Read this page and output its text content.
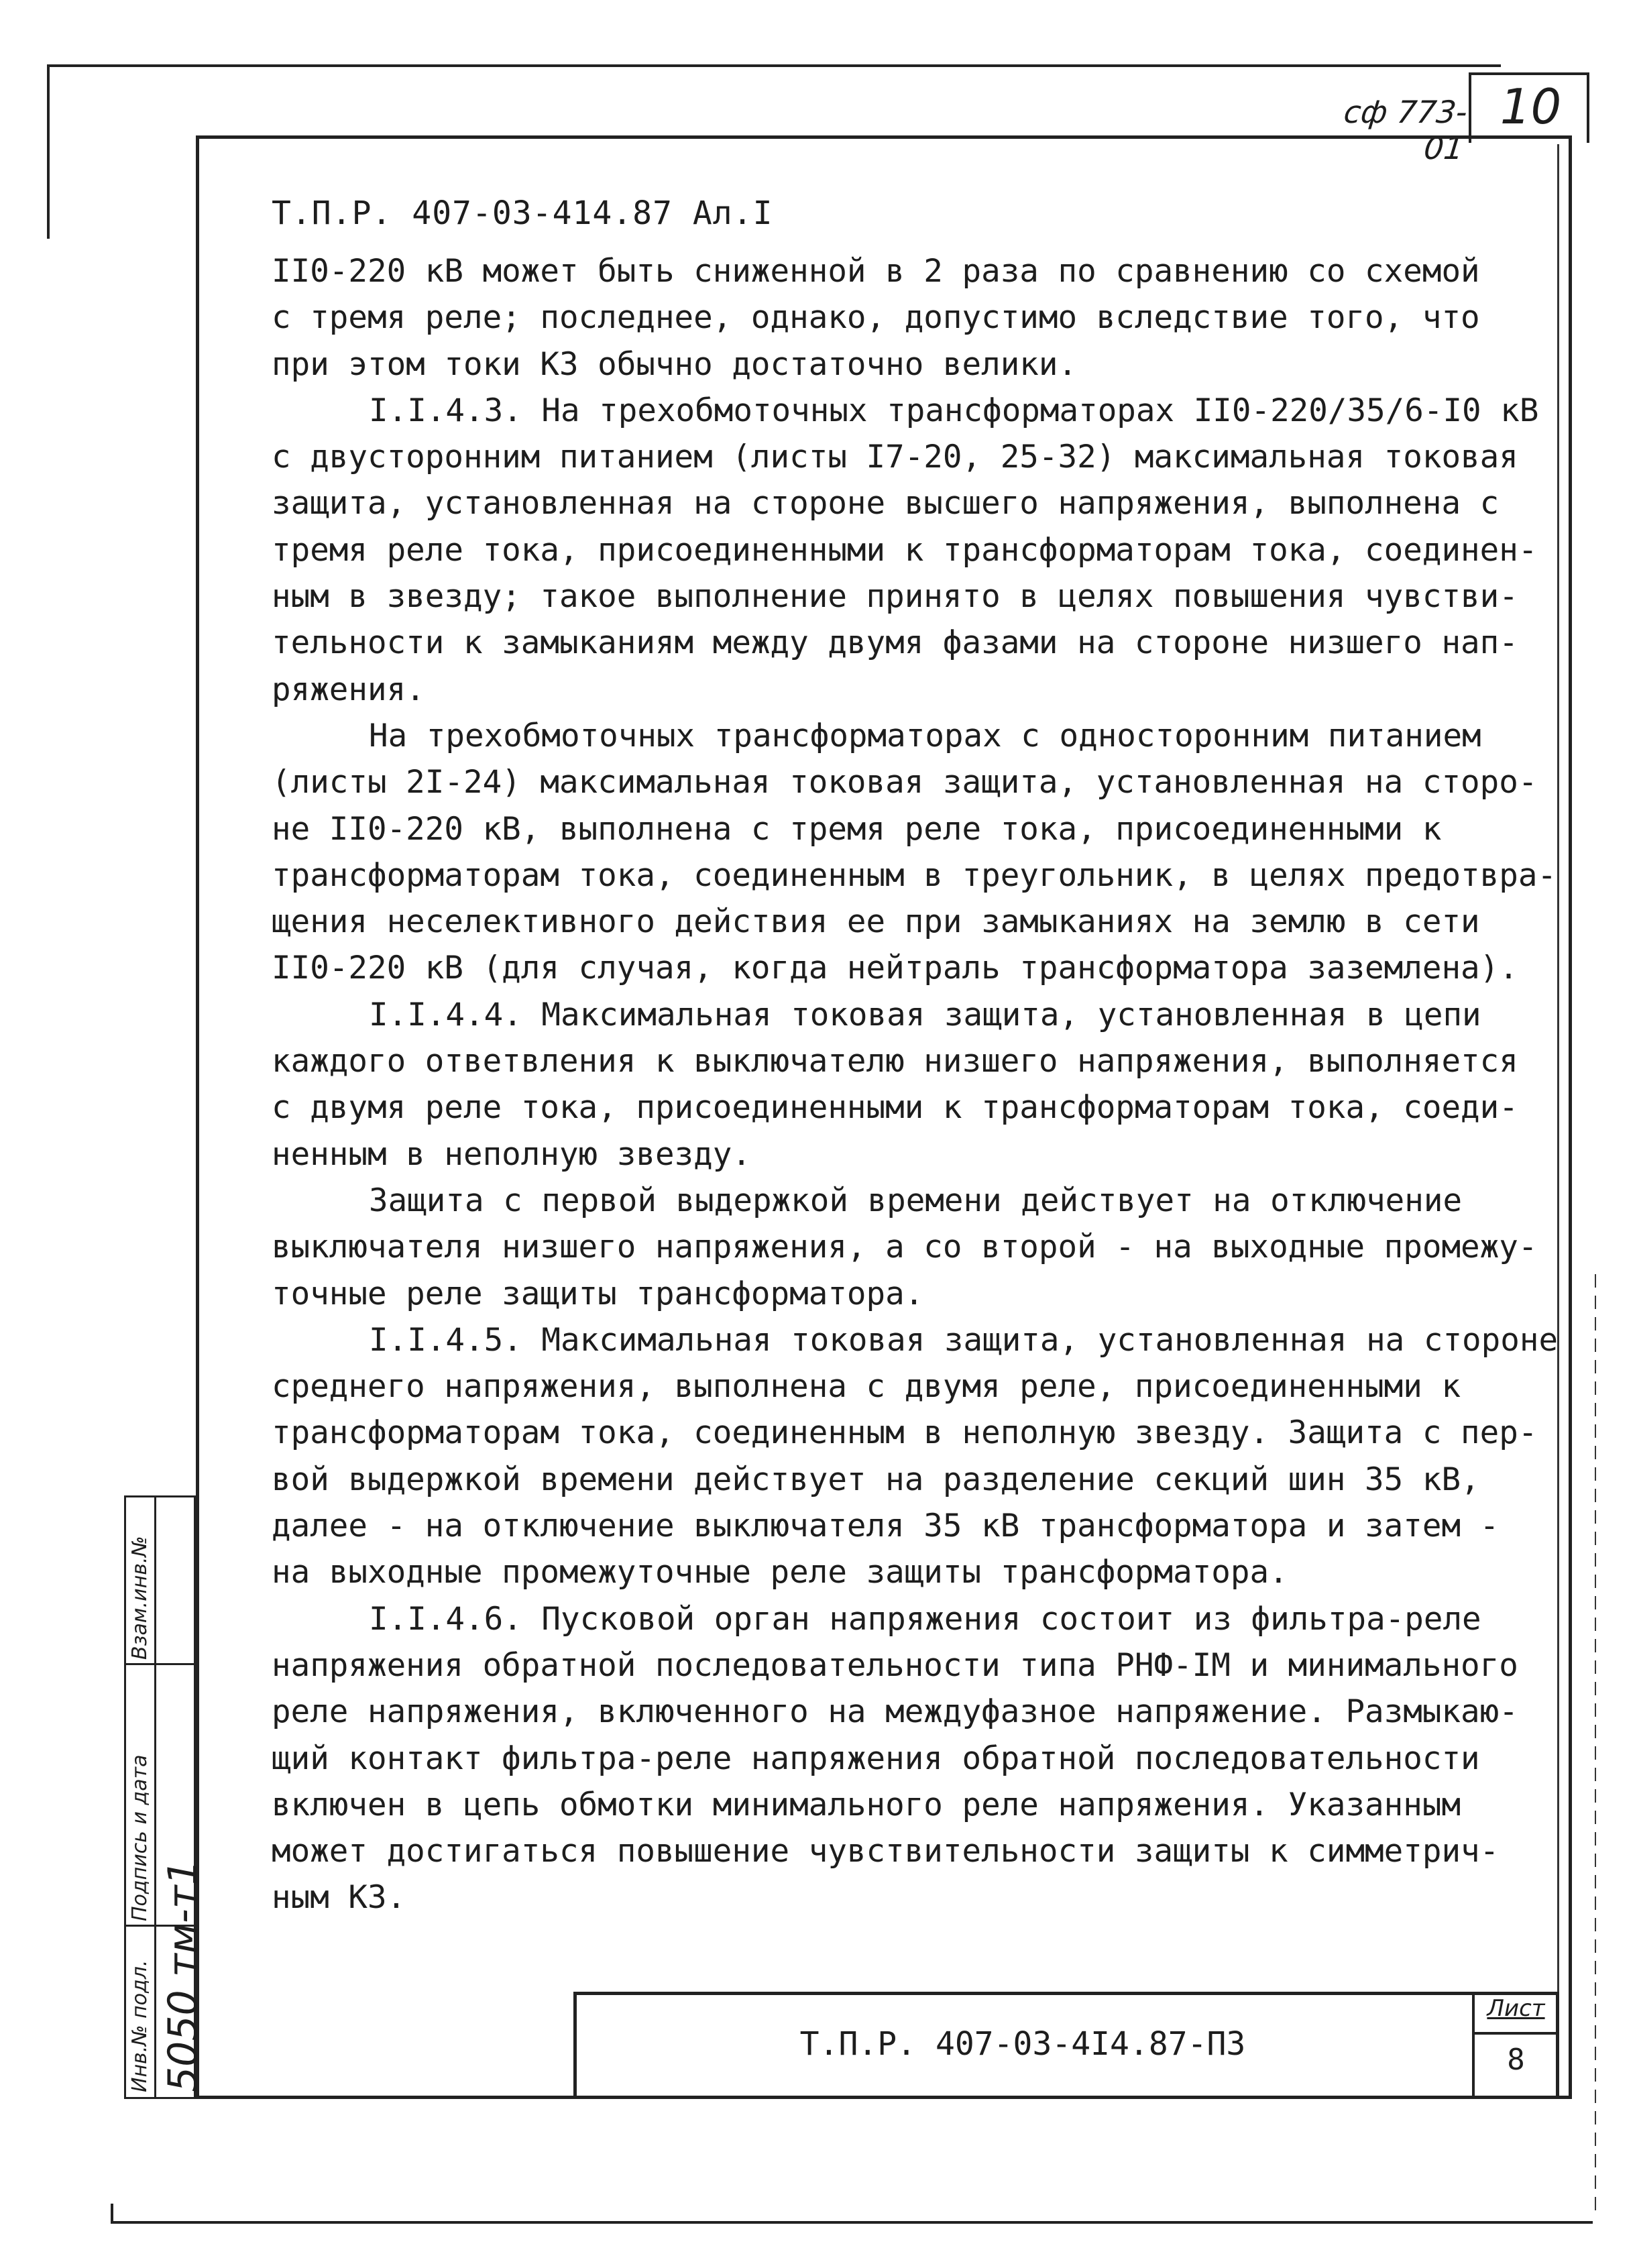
сф 773-01
10
Взам.инв.№
Подпись и дата
Инв.№ подл. 5050 тм-т1
Т.П.Р. 407-03-414.87 Ал.I
II0-220 кВ может быть сниженной в 2 раза по сравнению со схемой
с тремя реле; последнее, однако, допустимо вследствие того, что
при этом токи КЗ обычно достаточно велики.
I.I.4.3. На трехобмоточных трансформаторах II0-220/35/6-I0 кВ
с двусторонним питанием (листы I7-20, 25-32) максимальная токовая
защита, установленная на стороне высшего напряжения, выполнена с
тремя реле тока, присоединенными к трансформаторам тока, соединен-
ным в звезду; такое выполнение принято в целях повышения чувстви-
тельности к замыканиям между двумя фазами на стороне низшего нап-
ряжения.
На трехобмоточных трансформаторах с односторонним питанием
(листы 2I-24) максимальная токовая защита, установленная на сторо-
не II0-220 кВ, выполнена с тремя реле тока, присоединенными к
трансформаторам тока, соединенным в треугольник, в целях предотвра-
щения неселективного действия ее при замыканиях на землю в сети
II0-220 кВ (для случая, когда нейтраль трансформатора заземлена).
I.I.4.4. Максимальная токовая защита, установленная в цепи
каждого ответвления к выключателю низшего напряжения, выполняется
с двумя реле тока, присоединенными к трансформаторам тока, соеди-
ненным в неполную звезду.
Защита с первой выдержкой времени действует на отключение
выключателя низшего напряжения, а со второй - на выходные промежу-
точные реле защиты трансформатора.
I.I.4.5. Максимальная токовая защита, установленная на стороне
среднего напряжения, выполнена с двумя реле, присоединенными к
трансформаторам тока, соединенным в неполную звезду. Защита с пер-
вой выдержкой времени действует на разделение секций шин 35 кВ,
далее - на отключение выключателя 35 кВ трансформатора и затем -
на выходные промежуточные реле защиты трансформатора.
I.I.4.6. Пусковой орган напряжения состоит из фильтра-реле
напряжения обратной последовательности типа РНФ-IМ и минимального
реле напряжения, включенного на междуфазное напряжение. Размыкаю-
щий контакт фильтра-реле напряжения обратной последовательности
включен в цепь обмотки минимального реле напряжения. Указанным
может достигаться повышение чувствительности защиты к симметрич-
ным КЗ.
Т.П.Р. 407-03-4I4.87-ПЗ
Лист
8
